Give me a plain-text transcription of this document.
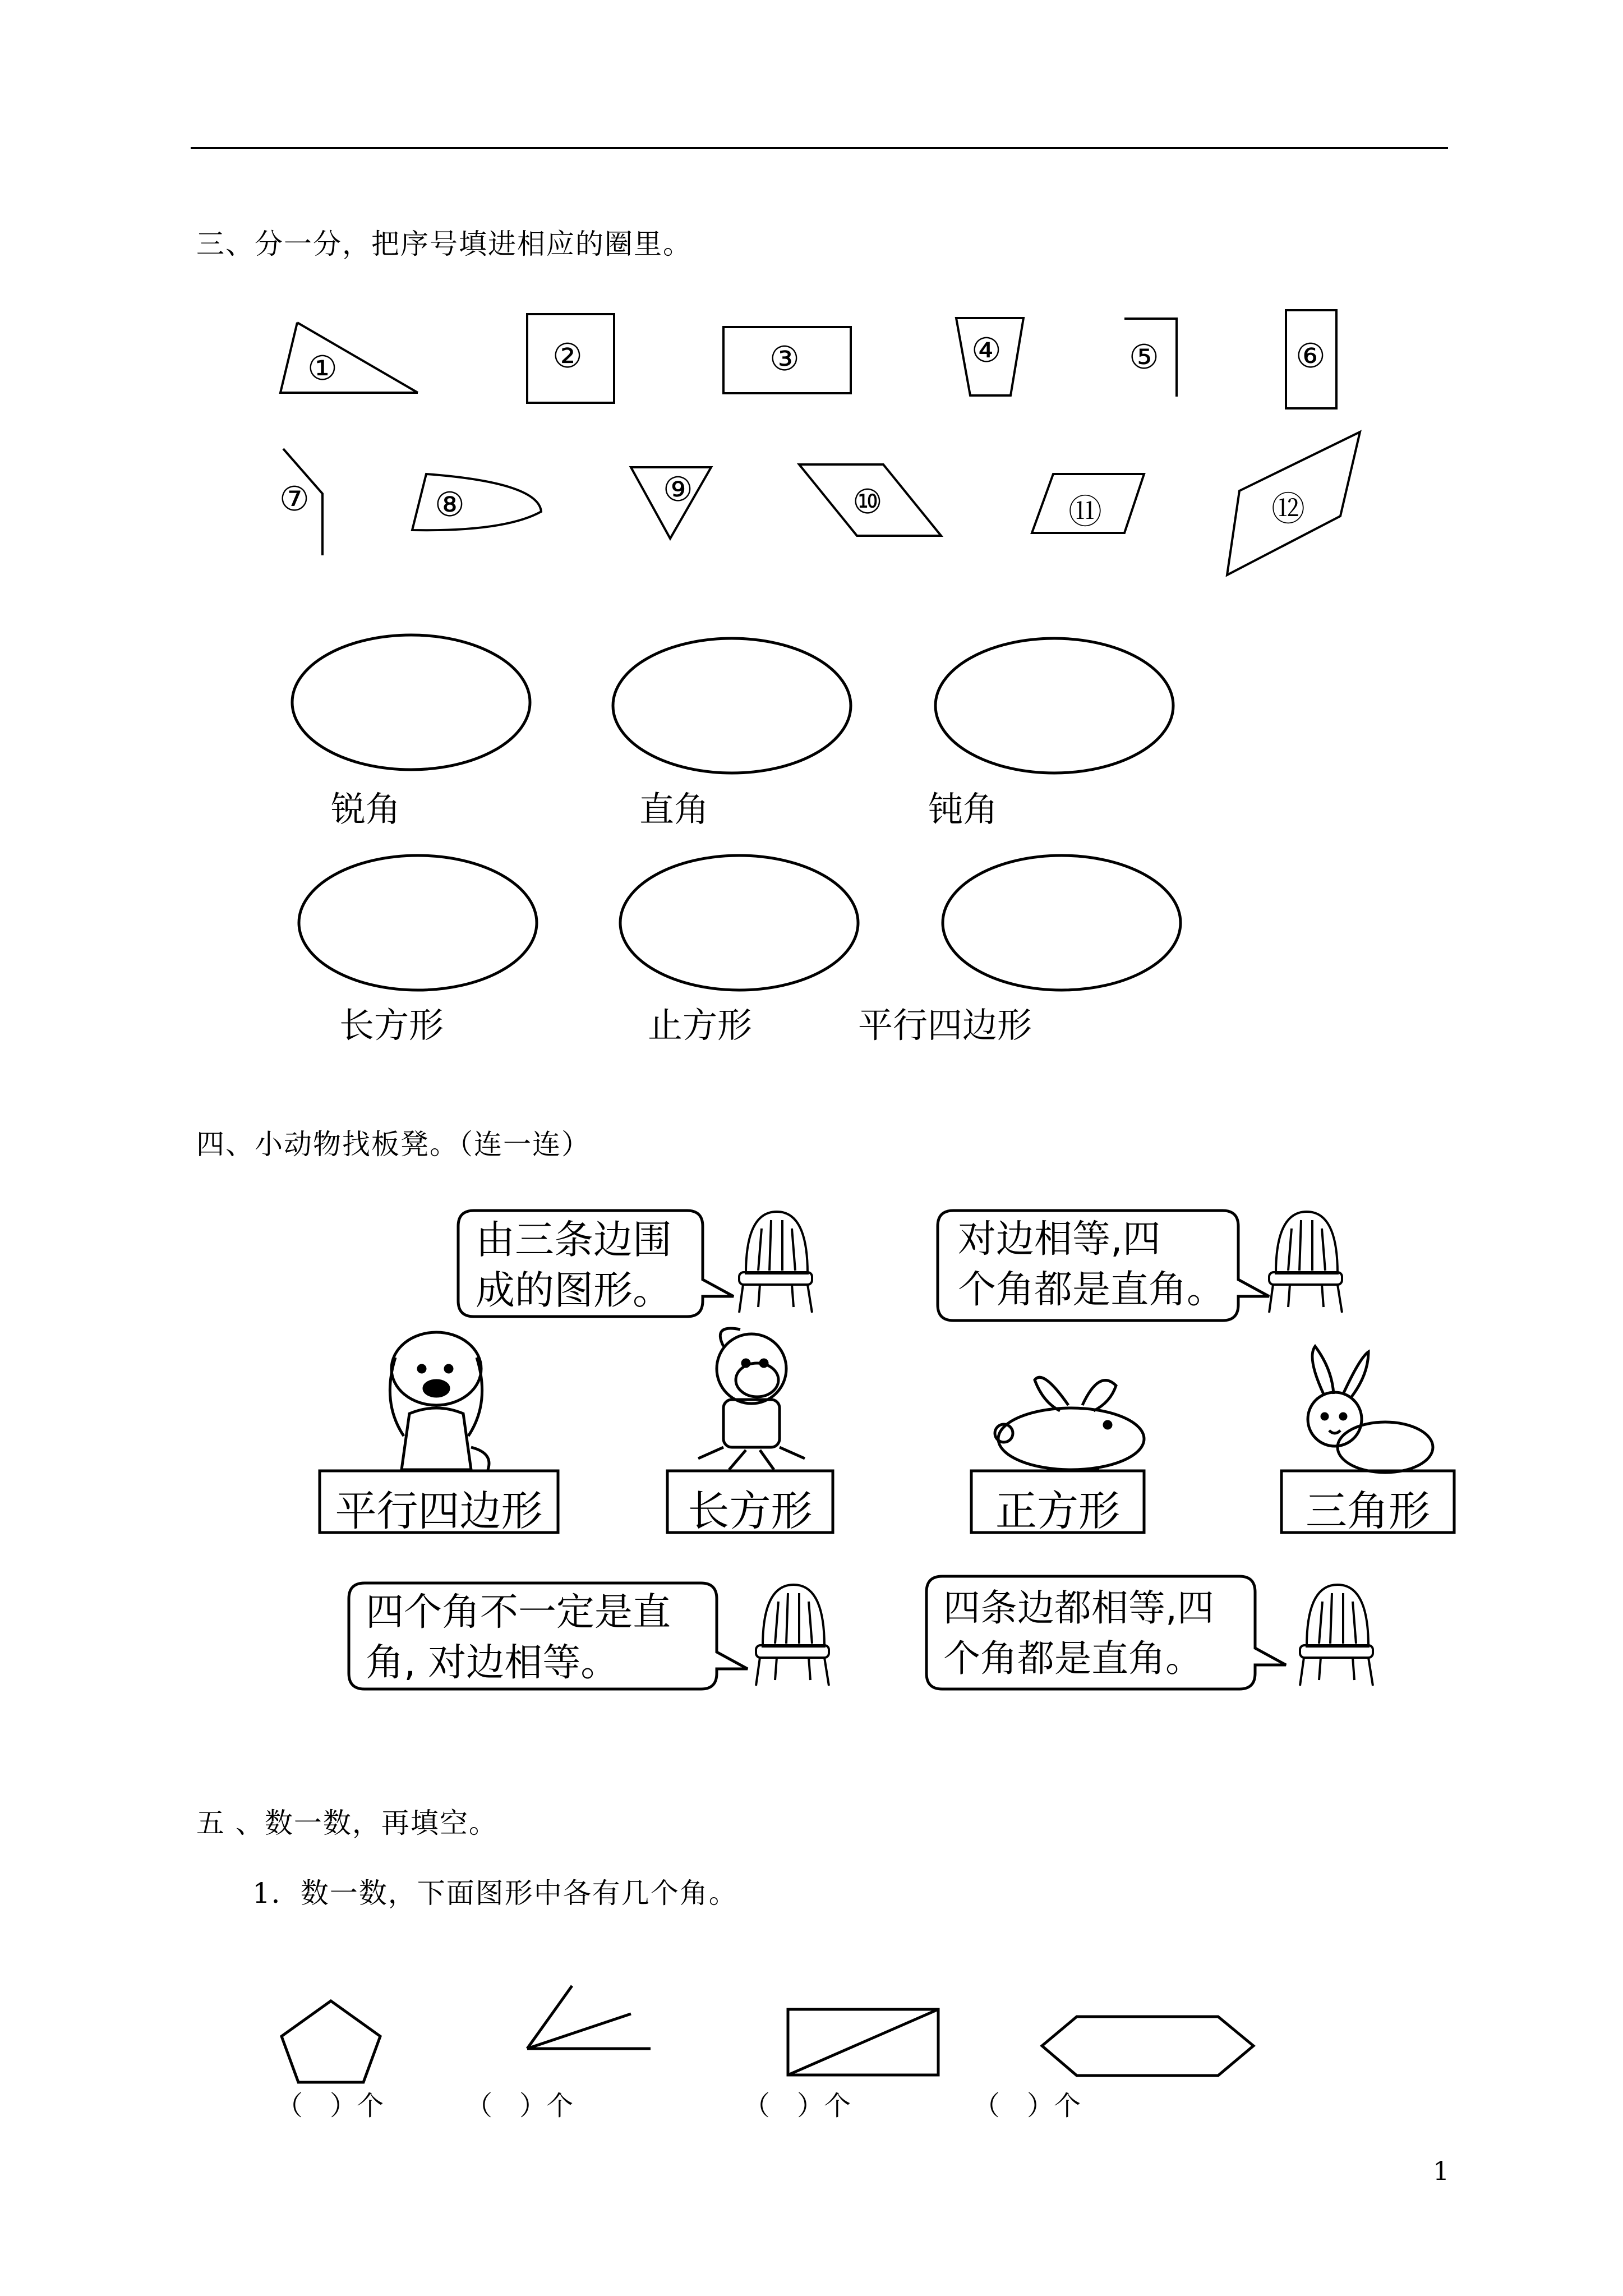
三、分一分，把序号填进相应的圈里。
①	②	③	④	⑤	⑥
⑦	⑧	⑨	⑩	⑪	⑫
锐角	直角	钝角
长方形	止方形	平行四边形
四、小动物找板凳。（连一连）
由三条边围
成的图形。
对边相等,四
个角都是直角。
四个角不一定是直
角, 对边相等。
四条边都相等,四
个角都是直角。
平行四边形	长方形	正方形	三角形
五 、数一数，再填空。
1．数一数，下面图形中各有几个角。
（　）个	（　）个	（　）个	（　）个
1
